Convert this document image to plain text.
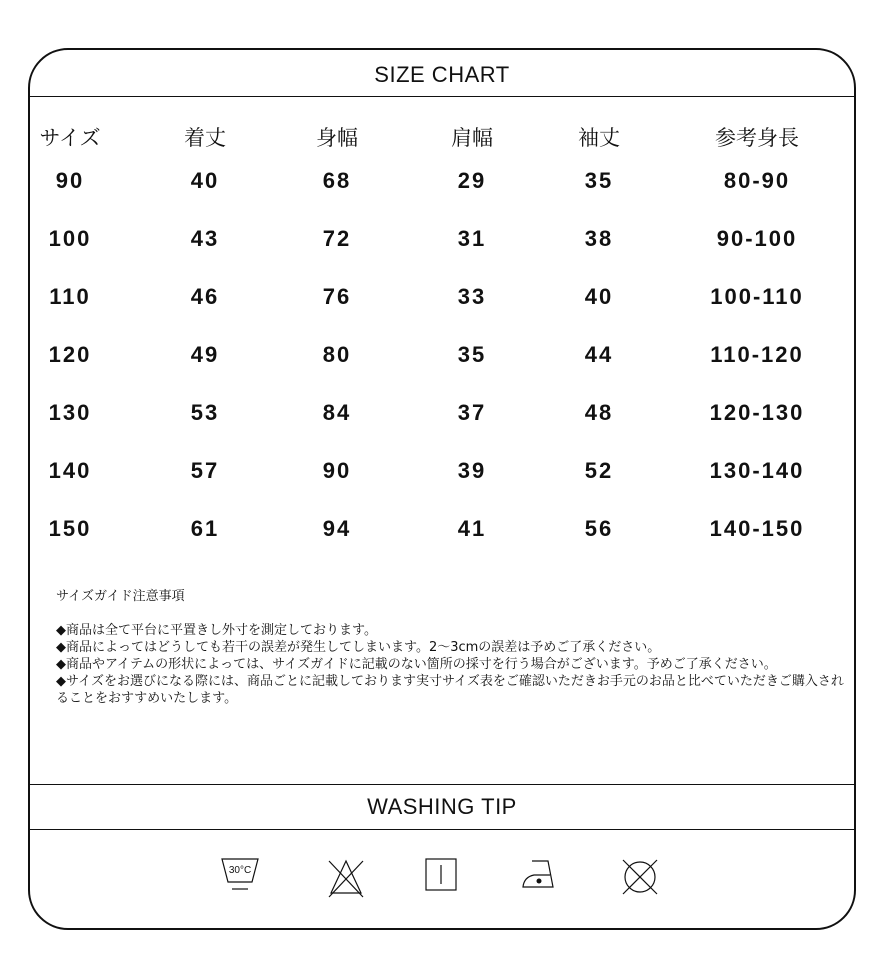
SIZE CHART
サイズ	着丈	身幅	肩幅	袖丈	参考身長
90	40	68	29	35	80-90
100	43	72	31	38	90-100
110	46	76	33	40	100-110
120	49	80	35	44	110-120
130	53	84	37	48	120-130
140	57	90	39	52	130-140
150	61	94	41	56	140-150
サイズガイド注意事項
◆商品は全て平台に平置きし外寸を測定しております。
◆商品によってはどうしても若干の誤差が発生してしまいます。2～3cmの誤差は予めご了承ください。
◆商品やアイテムの形状によっては、サイズガイドに記載のない箇所の採寸を行う場合がございます。予めご了承ください。
◆サイズをお選びになる際には、商品ごとに記載しております実寸サイズ表をご確認いただきお手元のお品と比べていただきご購入されることをおすすめいたします。
WASHING TIP
30°C
